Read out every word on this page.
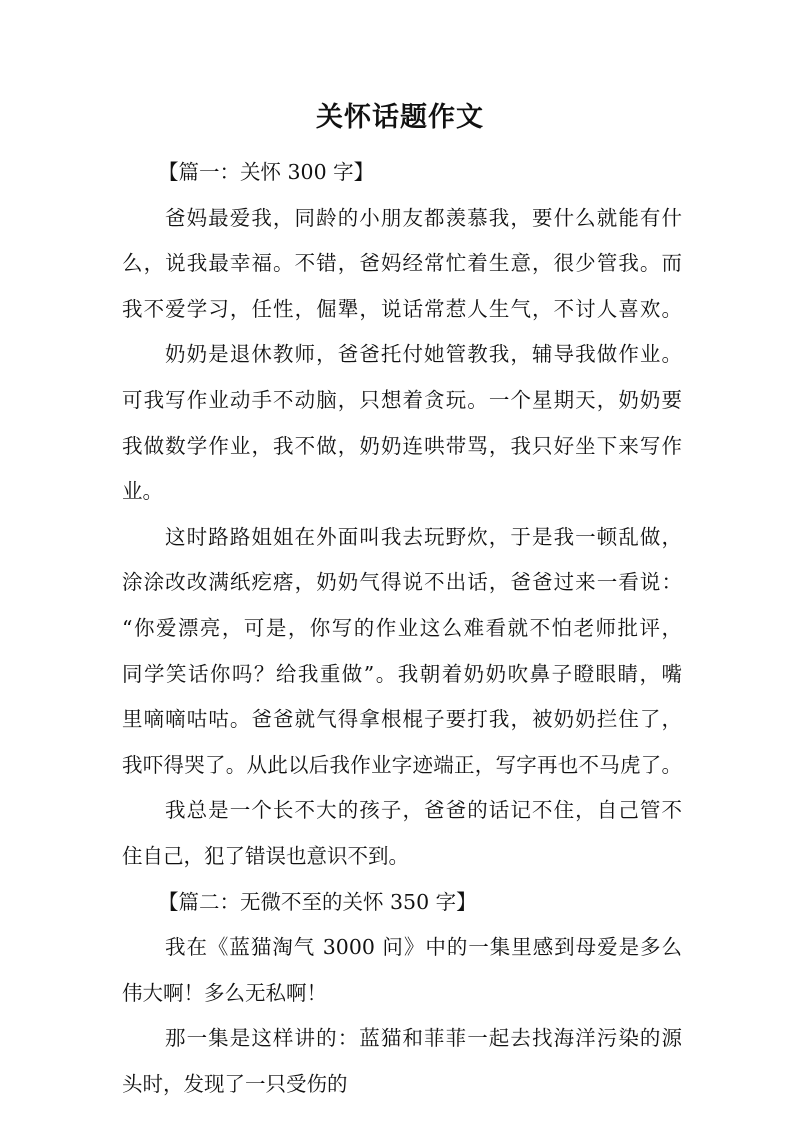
关怀话题作文
【篇一：关怀 300 字】
爸妈最爱我，同龄的小朋友都羡慕我，要什么就能有什
么，说我最幸福。不错，爸妈经常忙着生意，很少管我。而
我不爱学习，任性，倔犟，说话常惹人生气，不讨人喜欢。
奶奶是退休教师，爸爸托付她管教我，辅导我做作业。
可我写作业动手不动脑，只想着贪玩。一个星期天，奶奶要
我做数学作业，我不做，奶奶连哄带骂，我只好坐下来写作
业。
这时路路姐姐在外面叫我去玩野炊，于是我一顿乱做，
涂涂改改满纸疙瘩，奶奶气得说不出话，爸爸过来一看说：
“你爱漂亮，可是，你写的作业这么难看就不怕老师批评，
同学笑话你吗？给我重做”。我朝着奶奶吹鼻子瞪眼睛，嘴
里嘀嘀咕咕。爸爸就气得拿根棍子要打我，被奶奶拦住了，
我吓得哭了。从此以后我作业字迹端正，写字再也不马虎了。
我总是一个长不大的孩子，爸爸的话记不住，自己管不
住自己，犯了错误也意识不到。
【篇二：无微不至的关怀 350 字】
我在《蓝猫淘气 3000 问》中的一集里感到母爱是多么
伟大啊！多么无私啊！
那一集是这样讲的：蓝猫和菲菲一起去找海洋污染的源
头时，发现了一只受伤的
